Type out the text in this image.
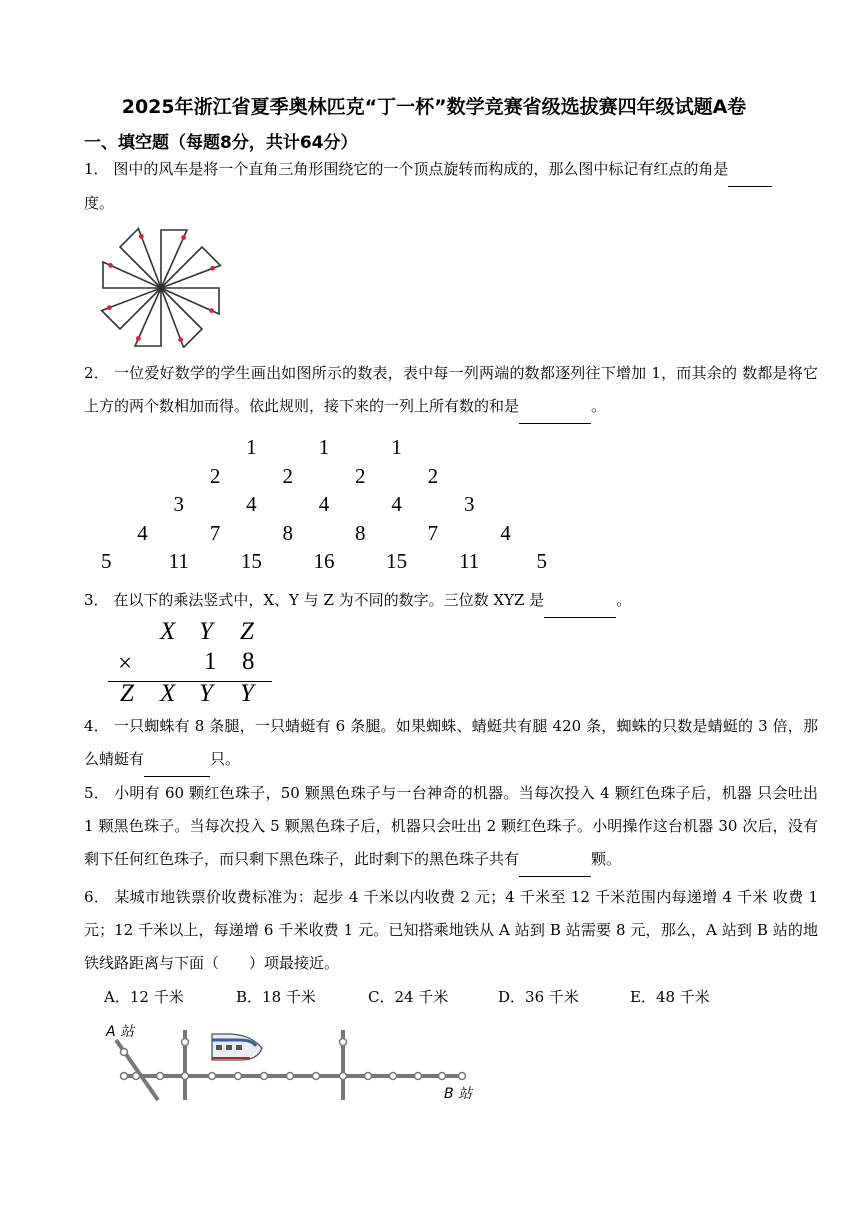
2025年浙江省夏季奥林匹克“丁一杯”数学竞赛省级选拔赛四年级试题A卷
一、填空题（每题8分，共计64分）
1． 图中的风车是将一个直角三角形围绕它的一个顶点旋转而构成的，那么图中标记有红点的角是
度。
2． 一位爱好数学的学生画出如图所示的数表，表中每一列两端的数都逐列往下增加 1，而其余的 数都是将它上方的两个数相加而得。依此规则，接下来的一列上所有数的和是	。
1	1	1
2	2	2	2
3	4	4	4	3
4	7	8	8	7	4
5	11	15	16	15	11	5
3． 在以下的乘法竖式中，X、Y 与 Z 为不同的数字。三位数 XYZ 是	。
X Y Z
×	1 8
Z X Y Y
4． 一只蜘蛛有 8 条腿，一只蜻蜓有 6 条腿。如果蜘蛛、蜻蜓共有腿 420 条，蜘蛛的只数是蜻蜓的 3 倍，那么蜻蜓有	只。
5． 小明有 60 颗红色珠子，50 颗黑色珠子与一台神奇的机器。当每次投入 4 颗红色珠子后，机器 只会吐出 1 颗黑色珠子。当每次投入 5 颗黑色珠子后，机器只会吐出 2 颗红色珠子。小明操作这台机器 30 次后，没有剩下任何红色珠子，而只剩下黑色珠子，此时剩下的黑色珠子共有	颗。
6． 某城市地铁票价收费标准为：起步 4 千米以内收费 2 元；4 千米至 12 千米范围内每递增 4 千米 收费 1 元；12 千米以上，每递增 6 千米收费 1 元。已知搭乘地铁从 A 站到 B 站需要 8 元，那么，A 站到 B 站的地铁线路距离与下面（　　）项最接近。
A．12 千米	B．18 千米	C．24 千米	D．36 千米	E．48 千米
A 站
B 站
